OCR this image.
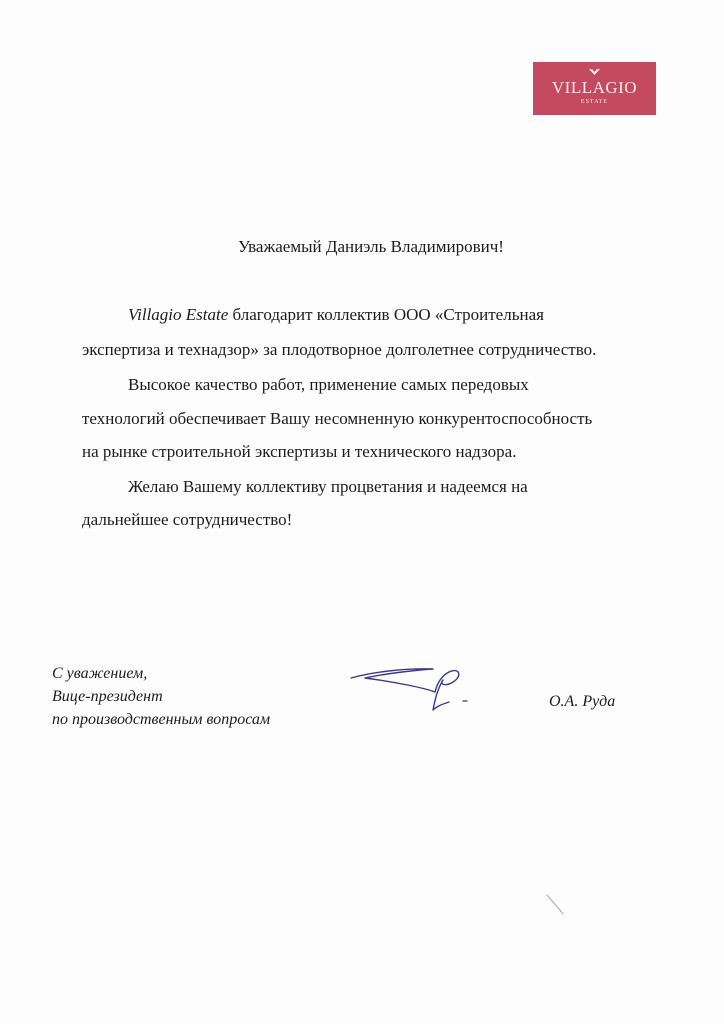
VILLAGIO
ESTATE
Уважаемый Даниэль Владимирович!
Villagio Estate благодарит коллектив ООО «Строительная
экспертиза и технадзор» за плодотворное долголетнее сотрудничество.
Высокое качество работ, применение самых передовых
технологий обеспечивает Вашу несомненную конкурентоспособность
на рынке строительной экспертизы и технического надзора.
Желаю Вашему коллективу процветания и надеемся на
дальнейшее сотрудничество!
С уважением,
Вице-президент
по производственным вопросам
О.А. Руда
